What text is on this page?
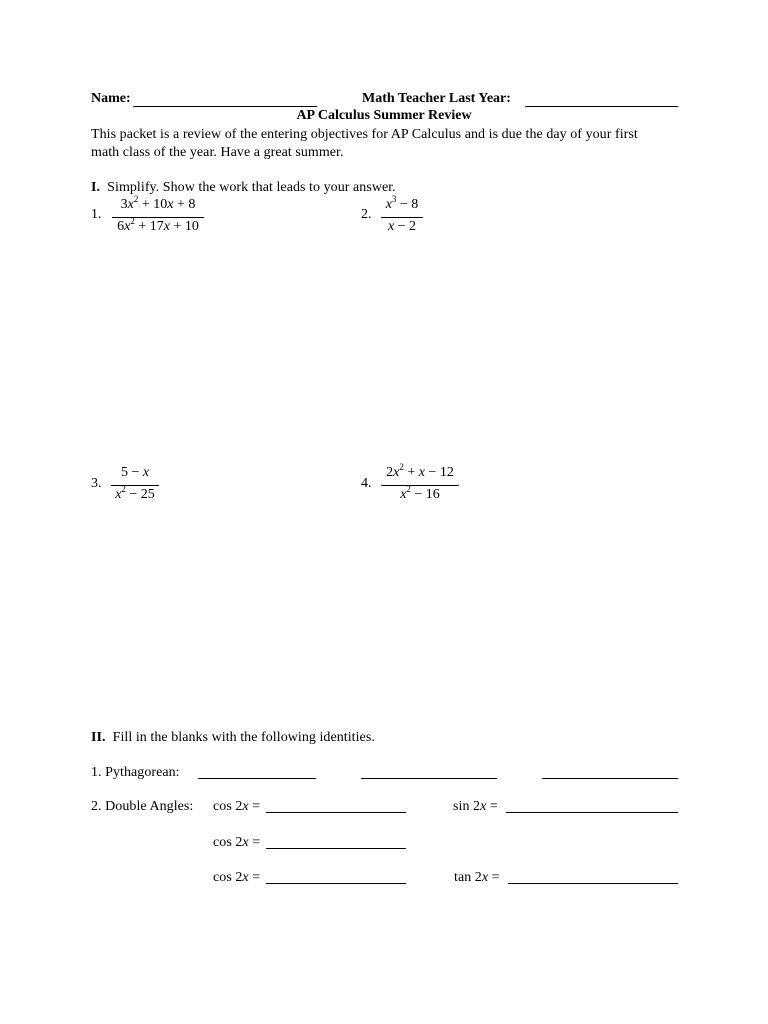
Name:	Math Teacher Last Year:
AP Calculus Summer Review
This packet is a review of the entering objectives for AP Calculus and is due the day of your first
math class of the year. Have a great summer.
I. Simplify. Show the work that leads to your answer.
1.
$3x^2 + 10x + 8$
$6x^2 + 17x + 10$
2.
$x^3 - 8$
x − 2
3.
5 − x
$x^2 - 25$
4.
$2x^2 + x - 12$
$x^2 - 16$
II. Fill in the blanks with the following identities.
1. Pythagorean:
2. Double Angles: cos 2x =	sin 2x =
cos 2x =
cos 2x =	tan 2x =
